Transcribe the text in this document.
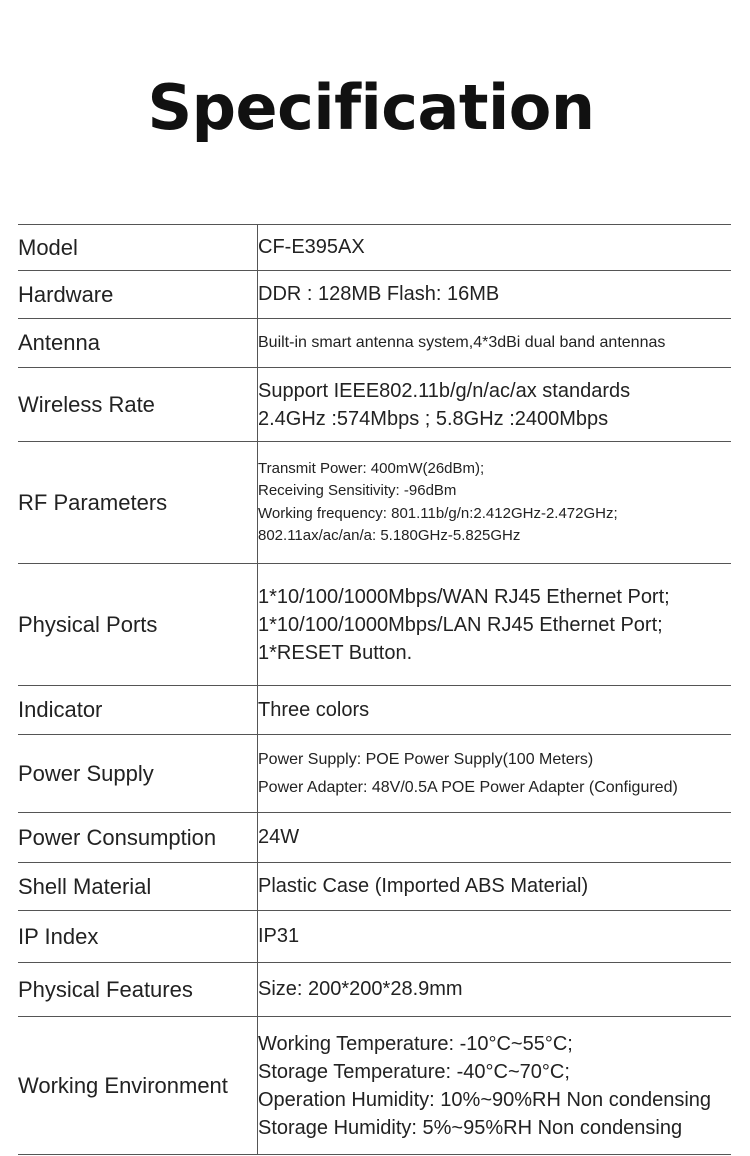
Specification
Model	CF-E395AX

Hardware	DDR : 128MB Flash: 16MB

Antenna	Built-in smart antenna system,4*3dBi dual band antennas

Wireless Rate	Support IEEE802.11b/g/n/ac/ax standards
2.4GHz :574Mbps ; 5.8GHz :2400Mbps

RF Parameters	Transmit Power: 400mW(26dBm);
Receiving Sensitivity: -96dBm
Working frequency: 801.11b/g/n:2.412GHz-2.472GHz;
802.11ax/ac/an/a: 5.180GHz-5.825GHz

Physical Ports	1*10/100/1000Mbps/WAN RJ45 Ethernet Port;
1*10/100/1000Mbps/LAN RJ45 Ethernet Port;
1*RESET Button.

Indicator	Three colors

Power Supply	Power Supply: POE Power Supply(100 Meters)
Power Adapter: 48V/0.5A POE Power Adapter (Configured)

Power Consumption	24W

Shell Material	Plastic Case (Imported ABS Material)

IP Index	IP31

Physical Features	Size: 200*200*28.9mm

Working Environment	Working Temperature: -10°C~55°C;
Storage Temperature: -40°C~70°C;
Operation Humidity: 10%~90%RH Non condensing
Storage Humidity: 5%~95%RH Non condensing
